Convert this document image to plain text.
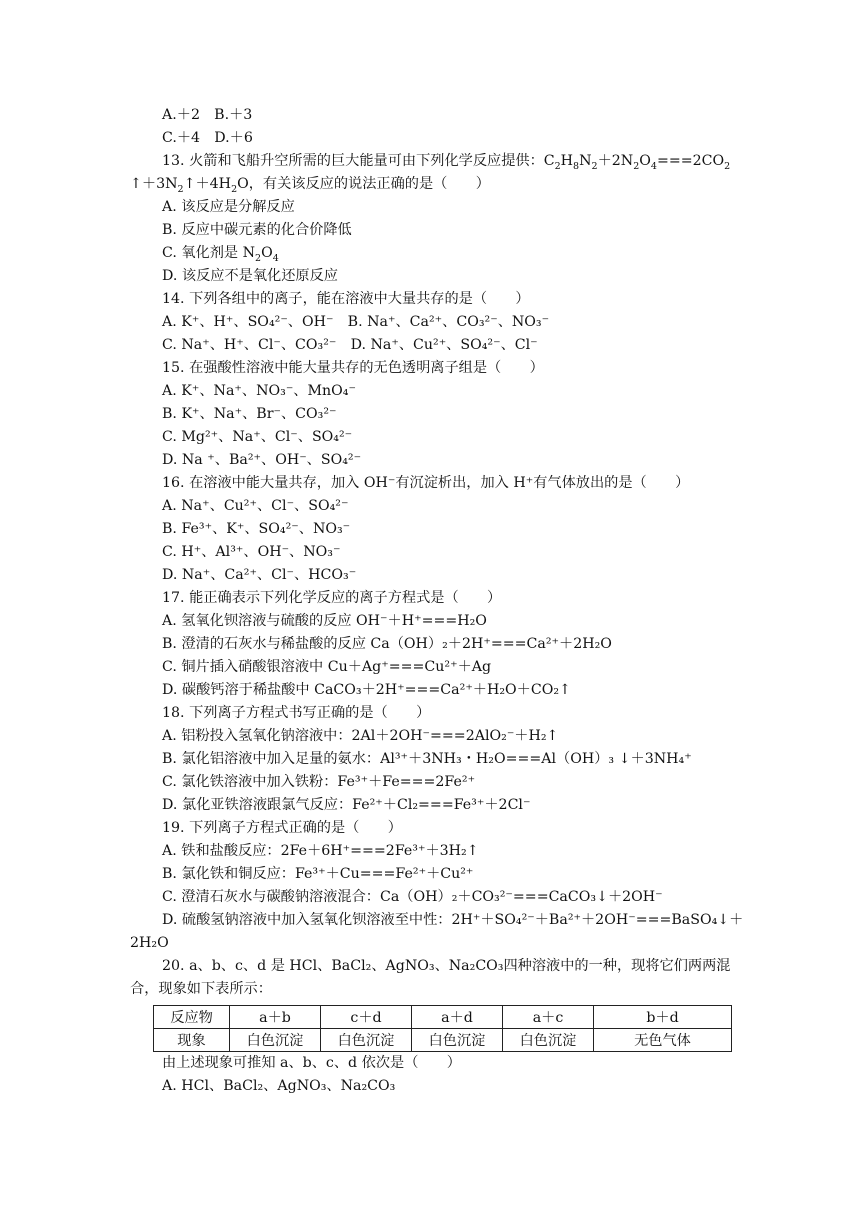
A.＋2　B.＋3
C.＋4　D.＋6
13. 火箭和飞船升空所需的巨大能量可由下列化学反应提供：$C_2H_8N_2+2N_2O_4===2CO_2$
$↑+3N_2↑+4H_2O$，有关该反应的说法正确的是（　　）
A. 该反应是分解反应
B. 反应中碳元素的化合价降低
C. 氧化剂是 $N_2O_4$
D. 该反应不是氧化还原反应
14. 下列各组中的离子，能在溶液中大量共存的是（　　）
A. K⁺、H⁺、SO₄²⁻、OH⁻　B. Na⁺、Ca²⁺、CO₃²⁻、NO₃⁻
C. Na⁺、H⁺、Cl⁻、CO₃²⁻　D. Na⁺、Cu²⁺、SO₄²⁻、Cl⁻
15. 在强酸性溶液中能大量共存的无色透明离子组是（　　）
A. K⁺、Na⁺、NO₃⁻、MnO₄⁻
B. K⁺、Na⁺、Br⁻、CO₃²⁻
C. Mg²⁺、Na⁺、Cl⁻、SO₄²⁻
D. Na ⁺、Ba²⁺、OH⁻、SO₄²⁻
16. 在溶液中能大量共存，加入 OH⁻有沉淀析出，加入 H⁺有气体放出的是（　　）
A. Na⁺、Cu²⁺、Cl⁻、SO₄²⁻
B. Fe³⁺、K⁺、SO₄²⁻、NO₃⁻
C. H⁺、Al³⁺、OH⁻、NO₃⁻
D. Na⁺、Ca²⁺、Cl⁻、HCO₃⁻
17. 能正确表示下列化学反应的离子方程式是（　　）
A. 氢氧化钡溶液与硫酸的反应 OH⁻＋H⁺===H₂O
B. 澄清的石灰水与稀盐酸的反应 Ca（OH）₂＋2H⁺===Ca²⁺＋2H₂O
C. 铜片插入硝酸银溶液中 Cu＋Ag⁺===Cu²⁺＋Ag
D. 碳酸钙溶于稀盐酸中 CaCO₃＋2H⁺===Ca²⁺＋H₂O＋CO₂↑
18. 下列离子方程式书写正确的是（　　）
A. 铝粉投入氢氧化钠溶液中：2Al＋2OH⁻===2AlO₂⁻＋H₂↑
B. 氯化铝溶液中加入足量的氨水：Al³⁺＋3NH₃・H₂O===Al（OH）₃ ↓＋3NH₄⁺
C. 氯化铁溶液中加入铁粉：Fe³⁺＋Fe===2Fe²⁺
D. 氯化亚铁溶液跟氯气反应：Fe²⁺＋Cl₂===Fe³⁺＋2Cl⁻
19. 下列离子方程式正确的是（　　）
A. 铁和盐酸反应：2Fe＋6H⁺===2Fe³⁺＋3H₂↑
B. 氯化铁和铜反应：Fe³⁺＋Cu===Fe²⁺＋Cu²⁺
C. 澄清石灰水与碳酸钠溶液混合：Ca（OH）₂＋CO₃²⁻===CaCO₃↓＋2OH⁻
D. 硫酸氢钠溶液中加入氢氧化钡溶液至中性：2H⁺＋SO₄²⁻＋Ba²⁺＋2OH⁻===BaSO₄↓＋
2H₂O
20. a、b、c、d 是 HCl、BaCl₂、AgNO₃、Na₂CO₃四种溶液中的一种，现将它们两两混
合，现象如下表所示：
反应物	a＋b	c＋d	a＋d	a＋c	b＋d
现象	白色沉淀	白色沉淀	白色沉淀	白色沉淀	无色气体
由上述现象可推知 a、b、c、d 依次是（　　）
A. HCl、BaCl₂、AgNO₃、Na₂CO₃
